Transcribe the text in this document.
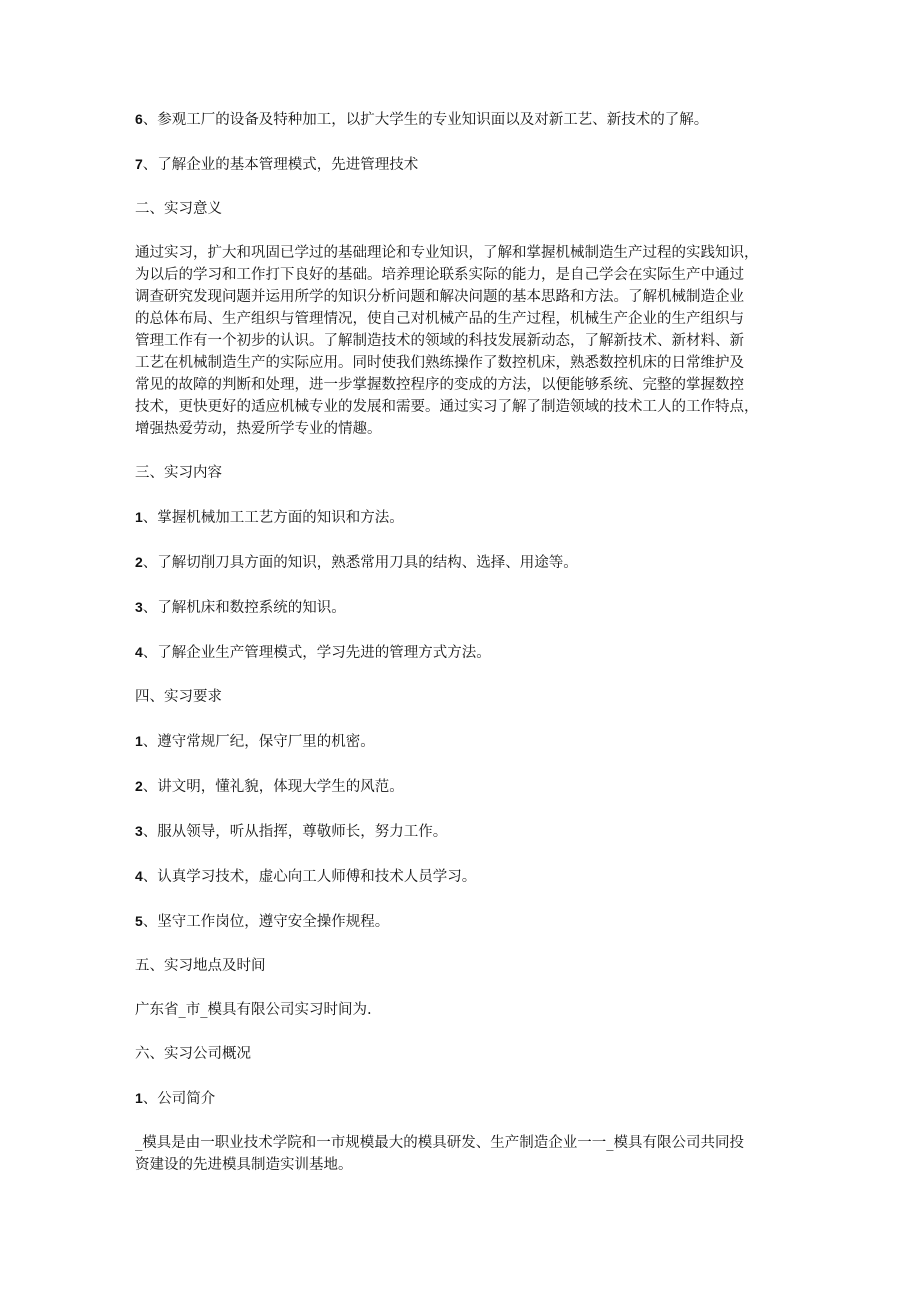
6、参观工厂的设备及特种加工，以扩大学生的专业知识面以及对新工艺、新技术的了解。

7、了解企业的基本管理模式，先进管理技术

二、实习意义

通过实习，扩大和巩固已学过的基础理论和专业知识，了解和掌握机械制造生产过程的实践知识，

为以后的学习和工作打下良好的基础。培养理论联系实际的能力，是自己学会在实际生产中通过

调查研究发现问题并运用所学的知识分析问题和解决问题的基本思路和方法。了解机械制造企业

的总体布局、生产组织与管理情况，使自己对机械产品的生产过程，机械生产企业的生产组织与

管理工作有一个初步的认识。了解制造技术的领域的科技发展新动态，了解新技术、新材料、新

工艺在机械制造生产的实际应用。同时使我们熟练操作了数控机床，熟悉数控机床的日常维护及

常见的故障的判断和处理，进一步掌握数控程序的变成的方法，以便能够系统、完整的掌握数控

技术，更快更好的适应机械专业的发展和需要。通过实习了解了制造领域的技术工人的工作特点，

增强热爱劳动，热爱所学专业的情趣。

三、实习内容

1、掌握机械加工工艺方面的知识和方法。

2、了解切削刀具方面的知识，熟悉常用刀具的结构、选择、用途等。

3、了解机床和数控系统的知识。

4、了解企业生产管理模式，学习先进的管理方式方法。

四、实习要求

1、遵守常规厂纪，保守厂里的机密。

2、讲文明，懂礼貌，体现大学生的风范。

3、服从领导，听从指挥，尊敬师长，努力工作。

4、认真学习技术，虚心向工人师傅和技术人员学习。

5、坚守工作岗位，遵守安全操作规程。

五、实习地点及时间

广东省_市_模具有限公司实习时间为.

六、实习公司概况

1、公司简介

_模具是由一职业技术学院和一市规模最大的模具研发、生产制造企业一一_模具有限公司共同投

资建设的先进模具制造实训基地。
